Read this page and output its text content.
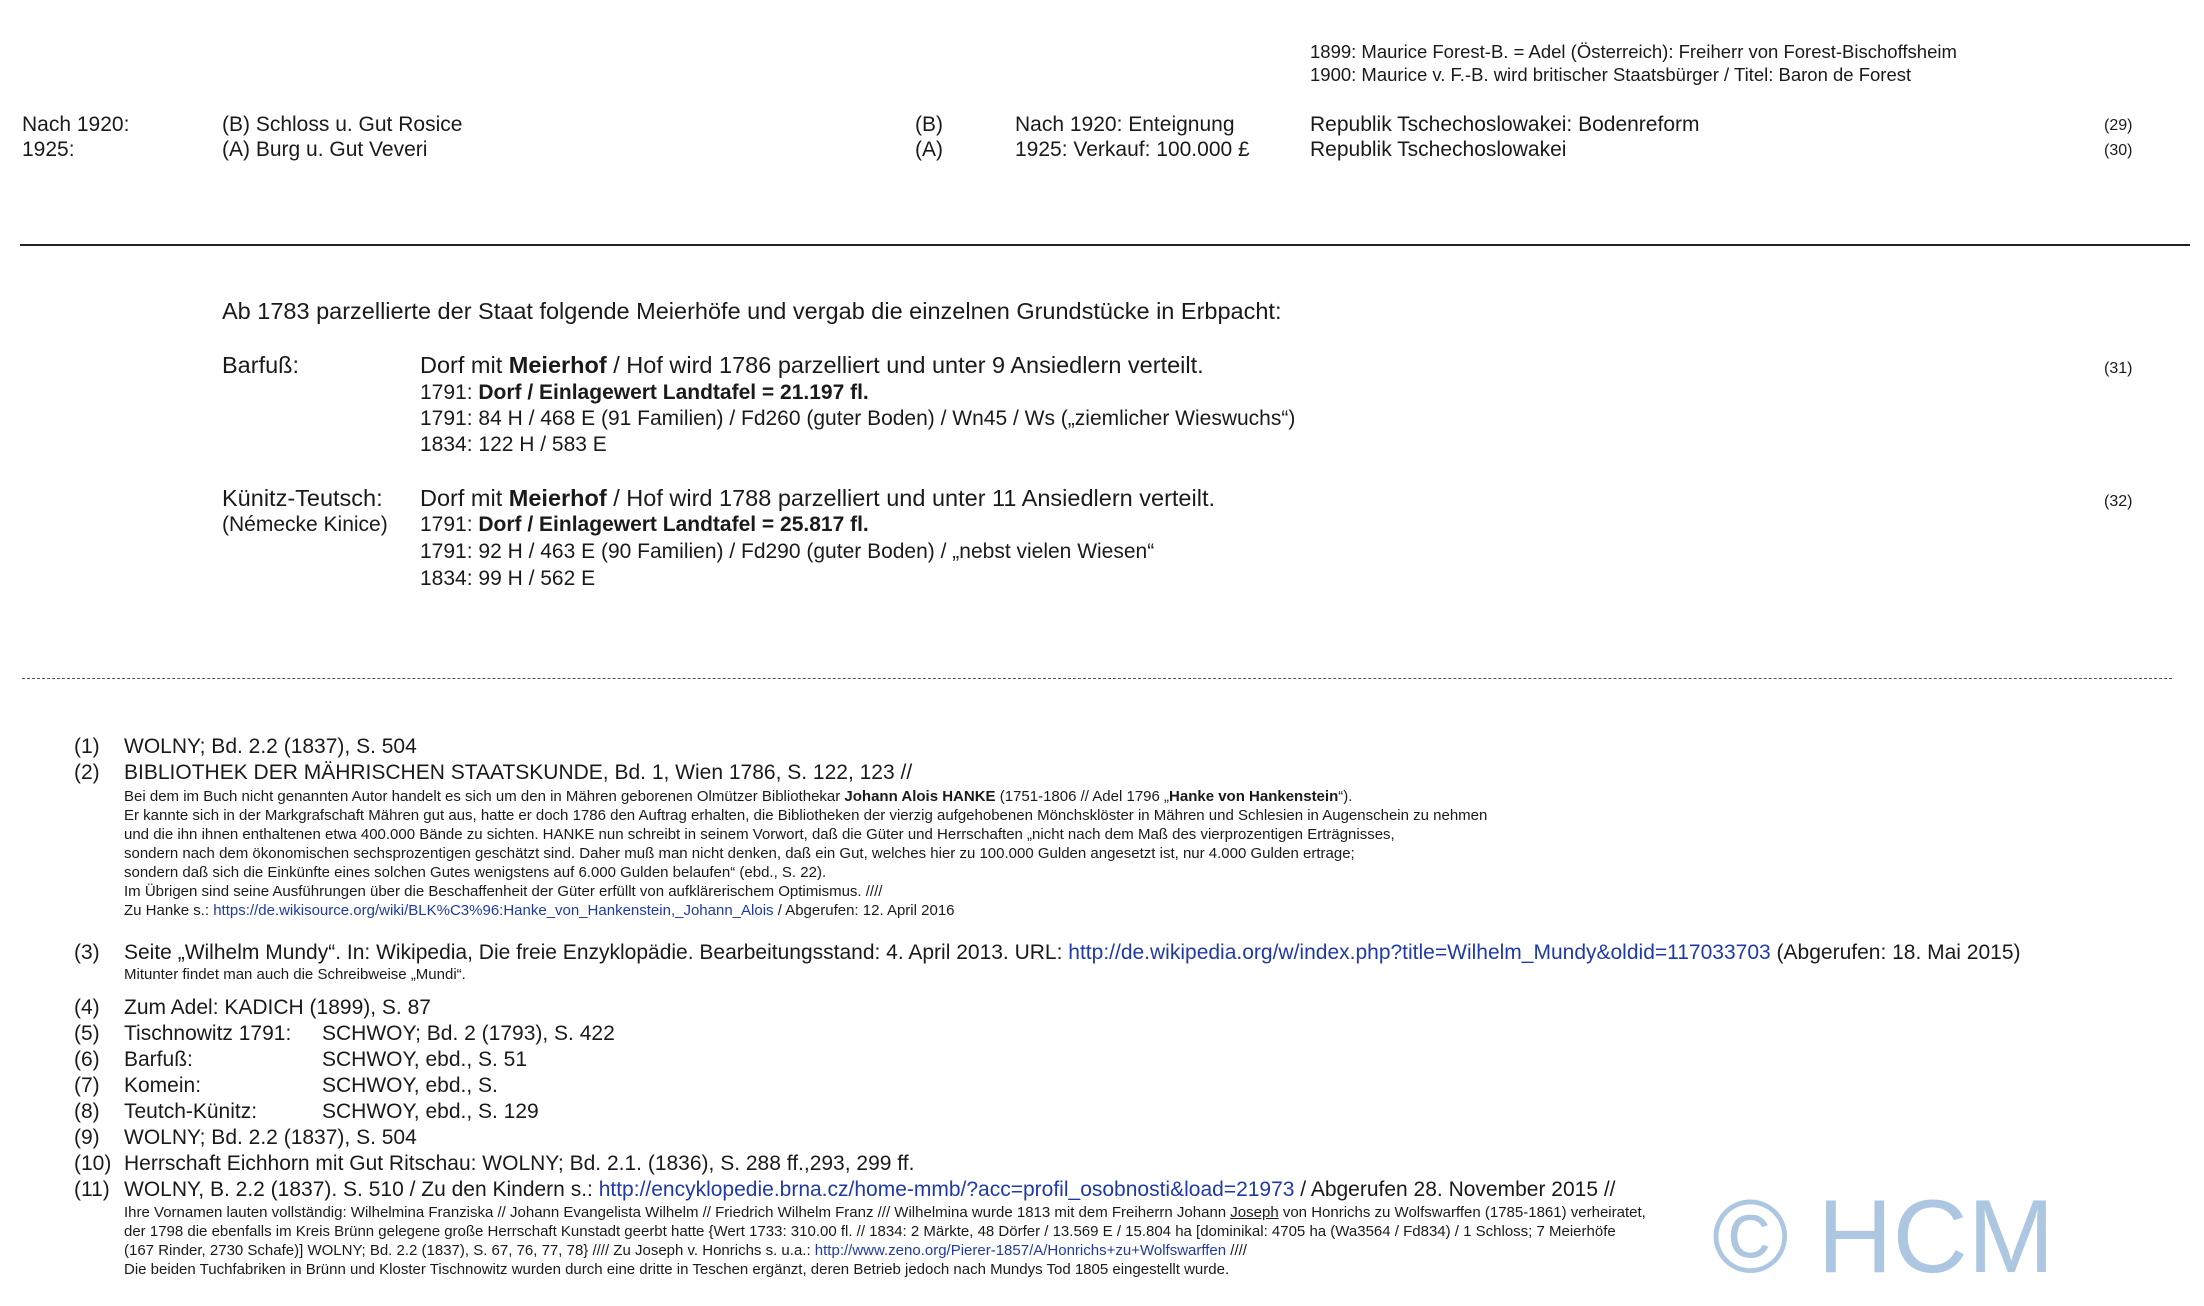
1899: Maurice Forest-B. = Adel (Österreich): Freiherr von Forest-Bischoffsheim
1900: Maurice v. F.-B. wird britischer Staatsbürger / Titel: Baron de Forest
Nach 1920:	(B) Schloss u. Gut Rosice	(B)	Nach 1920: Enteignung	Republik Tschechoslowakei: Bodenreform	(29)
1925:	(A) Burg u. Gut Veveri	(A)	1925: Verkauf: 100.000 £	Republik Tschechoslowakei	(30)
Ab 1783 parzellierte der Staat folgende Meierhöfe und vergab die einzelnen Grundstücke in Erbpacht:
Barfuß:	Dorf mit Meierhof / Hof wird 1786 parzelliert und unter 9 Ansiedlern verteilt.	(31)
1791: Dorf / Einlagewert Landtafel = 21.197 fl.
1791: 84 H / 468 E (91 Familien) / Fd260 (guter Boden) / Wn45 / Ws („ziemlicher Wieswuchs“)
1834: 122 H / 583 E
Künitz-Teutsch:
(Némecke Kinice)
Dorf mit Meierhof / Hof wird 1788 parzelliert und unter 11 Ansiedlern verteilt.	(32)
1791: Dorf / Einlagewert Landtafel = 25.817 fl.
1791: 92 H / 463 E (90 Familien) / Fd290 (guter Boden) / „nebst vielen Wiesen“
1834: 99 H / 562 E
(1) WOLNY; Bd. 2.2 (1837), S. 504
(2) BIBLIOTHEK DER MÄHRISCHEN STAATSKUNDE, Bd. 1, Wien 1786, S. 122, 123 //
Bei dem im Buch nicht genannten Autor handelt es sich um den in Mähren geborenen Olmützer Bibliothekar Johann Alois HANKE (1751-1806 // Adel 1796 „Hanke von Hankenstein“).
Er kannte sich in der Markgrafschaft Mähren gut aus, hatte er doch 1786 den Auftrag erhalten, die Bibliotheken der vierzig aufgehobenen Mönchsklöster in Mähren und Schlesien in Augenschein zu nehmen
und die ihn ihnen enthaltenen etwa 400.000 Bände zu sichten. HANKE nun schreibt in seinem Vorwort, daß die Güter und Herrschaften „nicht nach dem Maß des vierprozentigen Erträgnisses,
sondern nach dem ökonomischen sechsprozentigen geschätzt sind. Daher muß man nicht denken, daß ein Gut, welches hier zu 100.000 Gulden angesetzt ist, nur 4.000 Gulden ertrage;
sondern daß sich die Einkünfte eines solchen Gutes wenigstens auf 6.000 Gulden belaufen“ (ebd., S. 22).
Im Übrigen sind seine Ausführungen über die Beschaffenheit der Güter erfüllt von aufklärerischem Optimismus. ////
Zu Hanke s.: https://de.wikisource.org/wiki/BLK%C3%96:Hanke_von_Hankenstein,_Johann_Alois / Abgerufen: 12. April 2016
(3) Seite „Wilhelm Mundy“. In: Wikipedia, Die freie Enzyklopädie. Bearbeitungsstand: 4. April 2013. URL: http://de.wikipedia.org/w/index.php?title=Wilhelm_Mundy&oldid=117033703 (Abgerufen: 18. Mai 2015)
Mitunter findet man auch die Schreibweise „Mundi“.
(4) Zum Adel: KADICH (1899), S. 87
(5) Tischnowitz 1791: SCHWOY; Bd. 2 (1793), S. 422
(6) Barfuß:	SCHWOY, ebd., S. 51
(7) Komein:	SCHWOY, ebd., S.
(8) Teutch-Künitz:	SCHWOY, ebd., S. 129
(9) WOLNY; Bd. 2.2 (1837), S. 504
(10) Herrschaft Eichhorn mit Gut Ritschau: WOLNY; Bd. 2.1. (1836), S. 288 ff.,293, 299 ff.
(11) WOLNY, B. 2.2 (1837). S. 510 / Zu den Kindern s.: http://encyklopedie.brna.cz/home-mmb/?acc=profil_osobnosti&load=21973 / Abgerufen 28. November 2015 //
Ihre Vornamen lauten vollständig: Wilhelmina Franziska // Johann Evangelista Wilhelm // Friedrich Wilhelm Franz /// Wilhelmina wurde 1813 mit dem Freiherrn Johann Joseph von Honrichs zu Wolfswarffen (1785-1861) verheiratet,
der 1798 die ebenfalls im Kreis Brünn gelegene große Herrschaft Kunstadt geerbt hatte {Wert 1733: 310.00 fl. // 1834: 2 Märkte, 48 Dörfer / 13.569 E / 15.804 ha [dominikal: 4705 ha (Wa3564 / Fd834) / 1 Schloss; 7 Meierhöfe
(167 Rinder, 2730 Schafe)] WOLNY; Bd. 2.2 (1837), S. 67, 76, 77, 78} //// Zu Joseph v. Honrichs s. u.a.: http://www.zeno.org/Pierer-1857/A/Honrichs+zu+Wolfswarffen ////
Die beiden Tuchfabriken in Brünn und Kloster Tischnowitz wurden durch eine dritte in Teschen ergänzt, deren Betrieb jedoch nach Mundys Tod 1805 eingestellt wurde.	© HCM
